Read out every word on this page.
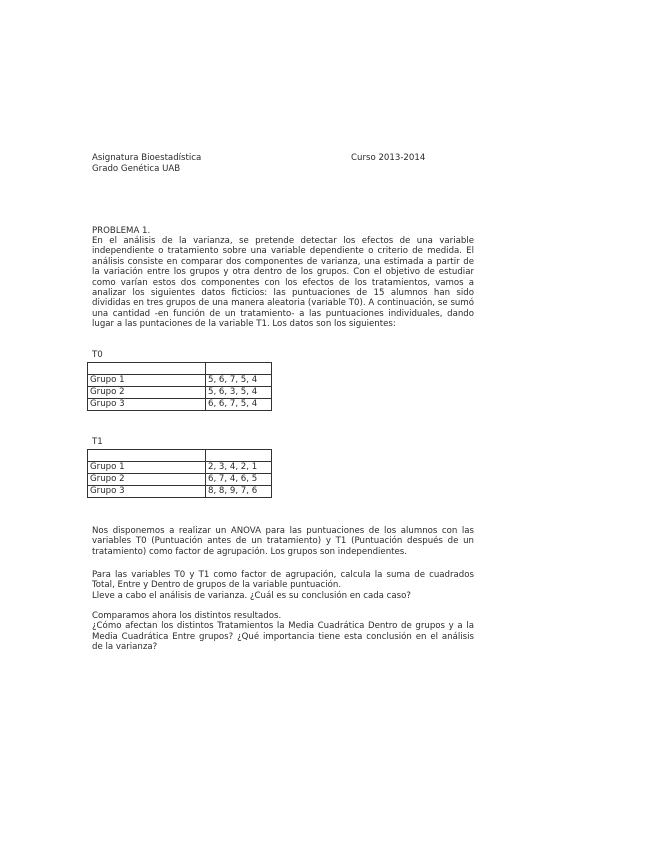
Asignatura Bioestadística

Grado Genética UAB

Curso 2013-2014

PROBLEMA 1.

En el análisis de la varianza, se pretende detectar los efectos de una variable independiente o tratamiento sobre una variable dependiente o criterio de medida. El análisis consiste en comparar dos componentes de varianza, una estimada a partir de la variación entre los grupos y otra dentro de los grupos. Con el objetivo de estudiar como varían estos dos componentes con los efectos de los tratamientos, vamos a analizar los siguientes datos ficticios: las puntuaciones de 15 alumnos han sido divididas en tres grupos de una manera aleatoria (variable T0). A continuación, se sumó una cantidad -en función de un tratamiento- a las puntuaciones individuales, dando lugar a las puntaciones de la variable T1. Los datos son los siguientes:

T0

Grupo 1	5, 6, 7, 5, 4
Grupo 2	5, 6, 3, 5, 4
Grupo 3	6, 6, 7, 5, 4

T1

Grupo 1	2, 3, 4, 2, 1
Grupo 2	6, 7, 4, 6, 5
Grupo 3	8, 8, 9, 7, 6

Nos disponemos a realizar un ANOVA para las puntuaciones de los alumnos con las variables T0 (Puntuación antes de un tratamiento) y T1 (Puntuación después de un tratamiento) como factor de agrupación. Los grupos son independientes.

Para las variables T0 y T1 como factor de agrupación, calcula la suma de cuadrados Total, Entre y Dentro de grupos de la variable puntuación.

Lleve a cabo el análisis de varianza. ¿Cuál es su conclusión en cada caso?

Comparamos ahora los distintos resultados.

¿Cómo afectan los distintos Tratamientos la Media Cuadrática Dentro de grupos y a la Media Cuadrática Entre grupos? ¿Qué importancia tiene esta conclusión en el análisis de la varianza?
